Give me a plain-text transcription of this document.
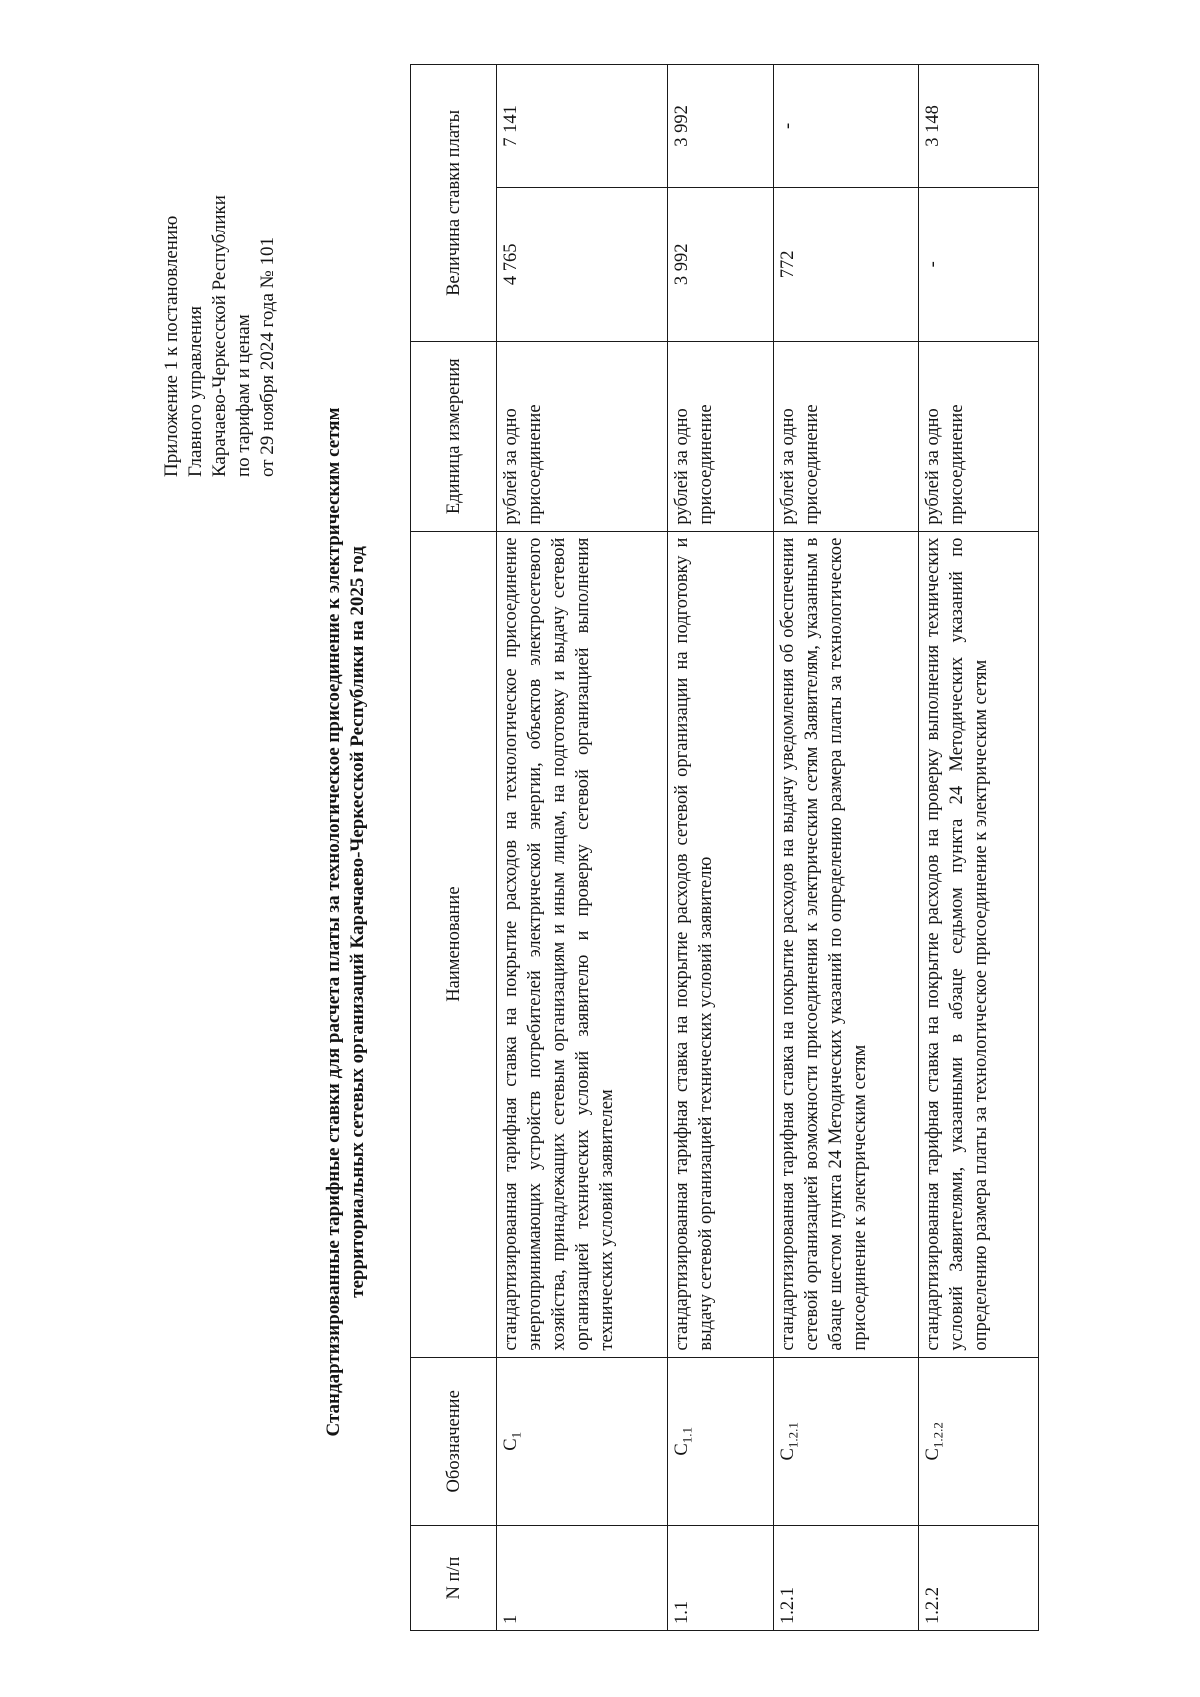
Приложение 1 к постановлению Главного управления Карачаево-Черкесской Республики по тарифам и ценам от 29 ноября 2024 года № 101
Стандартизированные тарифные ставки для расчета платы за технологическое присоединение к электрическим сетям территориальных сетевых организаций Карачаево-Черкесской Республики на 2025 год
N п/п	Обозначение	Наименование	Единица измерения	Величина ставки платы	
1	$С_1$	стандартизированная тарифная ставка на покрытие расходов на технологическое присоединение энергопринимающих устройств потребителей электрической энергии, объектов электросетевого хозяйства, принадлежащих сетевым организациям и иным лицам, на подготовку и выдачу сетевой организацией технических условий заявителю и проверку сетевой организацией выполнения технических условий заявителем	рублей за одно присоединение	4 765	7 141
1.1	$С_{1.1}$	стандартизированная тарифная ставка на покрытие расходов сетевой организации на подготовку и выдачу сетевой организацией технических условий заявителю	рублей за одно присоединение	3 992	3 992
1.2.1	$С_{1.2.1}$	стандартизированная тарифная ставка на покрытие расходов на выдачу уведомления об обеспечении сетевой организацией возможности присоединения к электрическим сетям Заявителям, указанным в абзаце шестом пункта 24 Методических указаний по определению размера платы за технологическое присоединение к электрическим сетям	рублей за одно присоединение	772	-
1.2.2	$С_{1.2.2}$	стандартизированная тарифная ставка на покрытие расходов на проверку выполнения технических условий Заявителями, указанными в абзаце седьмом пункта 24 Методических указаний по определению размера платы за технологическое присоединение к электрическим сетям	рублей за одно присоединение	-	3 148
